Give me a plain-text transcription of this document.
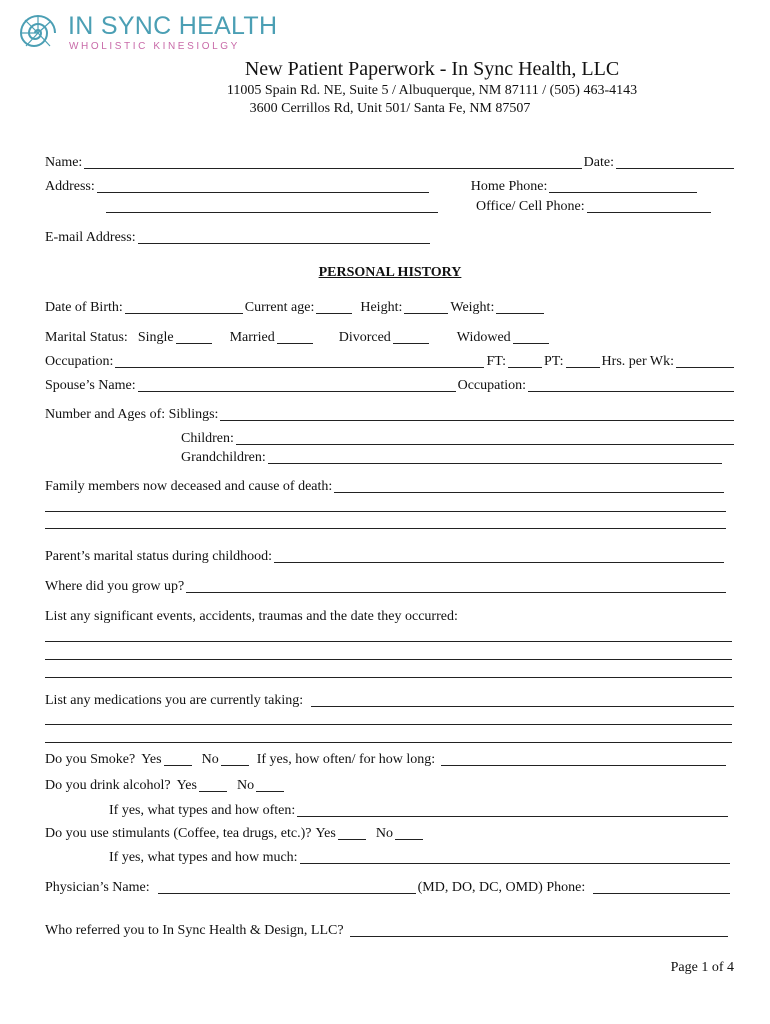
IN SYNC HEALTH
WHOLISTIC KINESIOLGY
New Patient Paperwork - In Sync Health, LLC
11005 Spain Rd. NE, Suite 5 / Albuquerque, NM 87111 / (505) 463-4143
3600 Cerrillos Rd, Unit 501/ Santa Fe, NM 87507
Name:	Date:
Address:	Home Phone:
Office/ Cell Phone:
E-mail Address:
PERSONAL HISTORY
Date of Birth:	Current age:	Height:	Weight:
Marital Status: Single	Married	Divorced	Widowed
Occupation:	FT:	PT:	Hrs. per Wk:
Spouse’s Name:	Occupation:
Number and Ages of: Siblings:
Children:
Grandchildren:
Family members now deceased and cause of death:
Parent’s marital status during childhood:
Where did you grow up?
List any significant events, accidents, traumas and the date they occurred:
List any medications you are currently taking:
Do you Smoke? Yes	No	If yes, how often/ for how long:
Do you drink alcohol? Yes	No
If yes, what types and how often:
Do you use stimulants (Coffee, tea drugs, etc.)? Yes	No
If yes, what types and how much:
Physician’s Name:	(MD, DO, DC, OMD) Phone:
Who referred you to In Sync Health & Design, LLC?
Page 1 of 4
